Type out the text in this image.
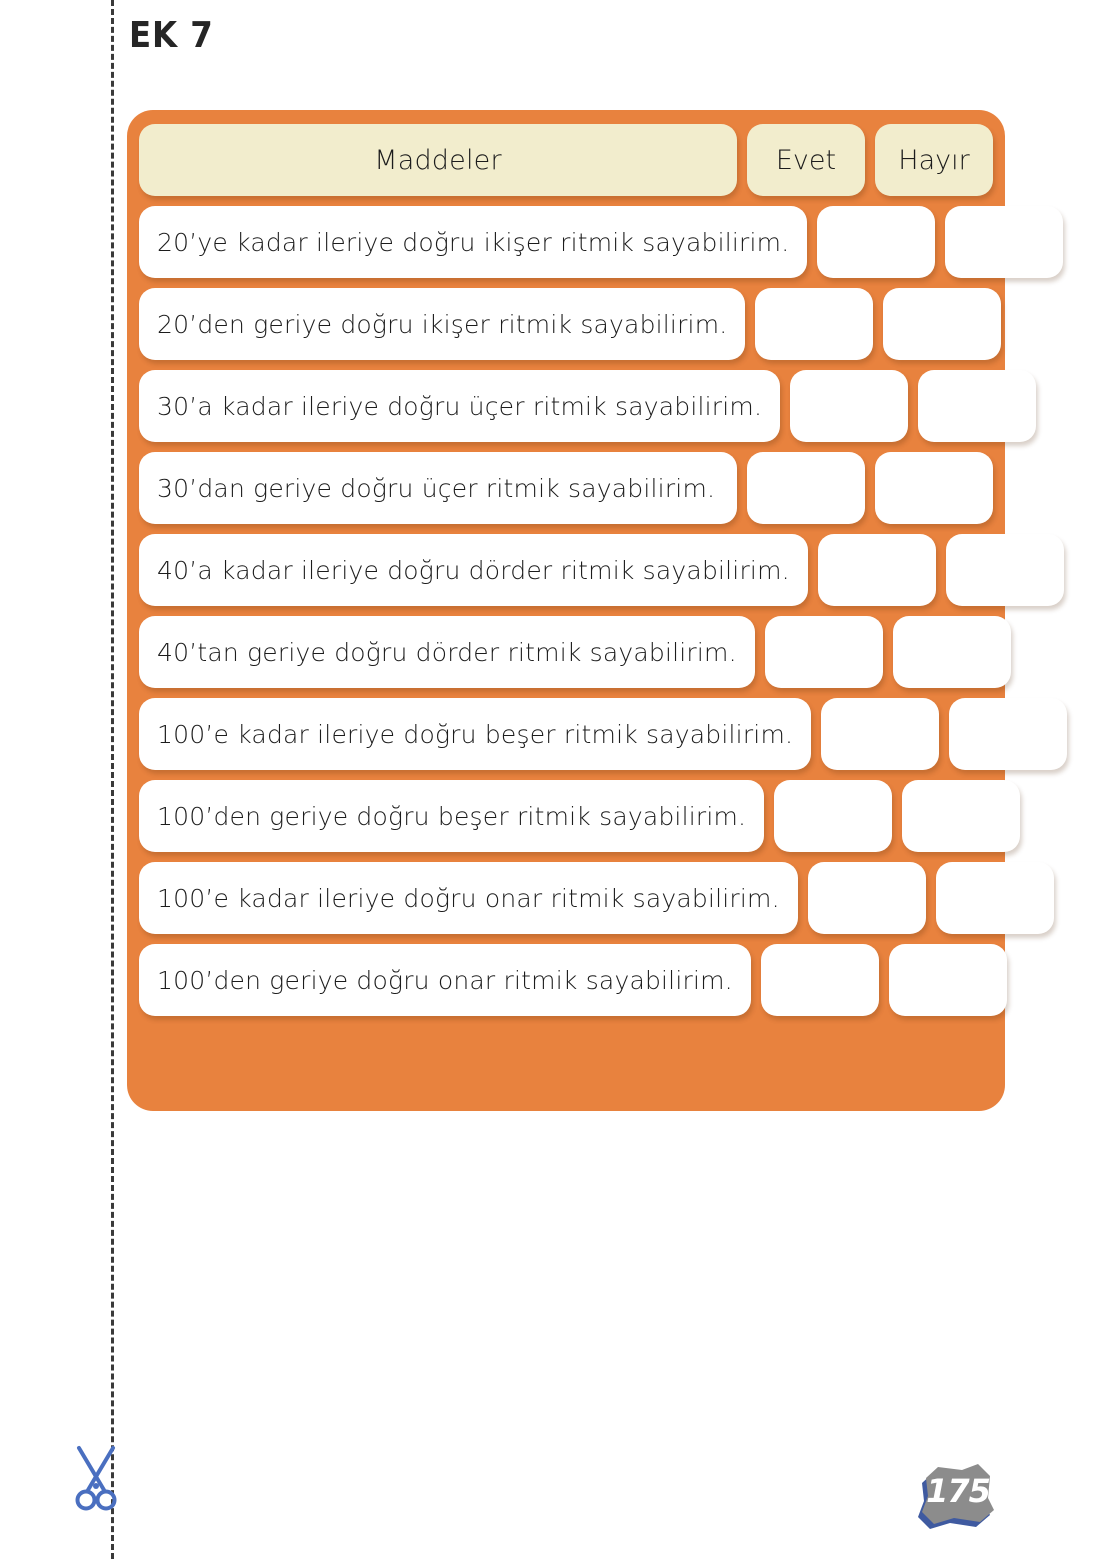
EK 7
Maddeler	Evet Hayır
20’ye kadar ileriye doğru ikişer ritmik sayabilirim.
20’den geriye doğru ikişer ritmik sayabilirim.
30’a kadar ileriye doğru üçer ritmik sayabilirim.
30’dan geriye doğru üçer ritmik sayabilirim.
40’a kadar ileriye doğru dörder ritmik sayabilirim.
40’tan geriye doğru dörder ritmik sayabilirim.
100’e kadar ileriye doğru beşer ritmik sayabilirim.
100’den geriye doğru beşer ritmik sayabilirim.
100’e kadar ileriye doğru onar ritmik sayabilirim.
100’den geriye doğru onar ritmik sayabilirim.
175
